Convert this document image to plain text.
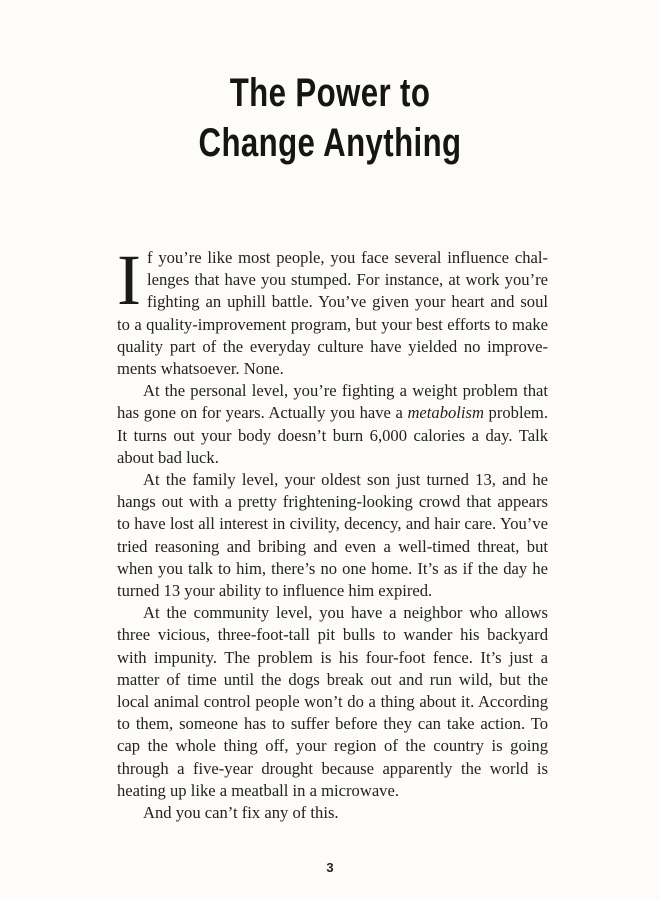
The Power to
Change Anything

If you’re like most people, you face several influence challenges that have you stumped. For instance, at work you’re fighting an uphill battle. You’ve given your heart and soul to a quality-improvement program, but your best efforts to make quality part of the everyday culture have yielded no improvements whatsoever. None.

At the personal level, you’re fighting a weight problem that has gone on for years. Actually you have a metabolism problem. It turns out your body doesn’t burn 6,000 calories a day. Talk about bad luck.

At the family level, your oldest son just turned 13, and he hangs out with a pretty frightening-looking crowd that appears to have lost all interest in civility, decency, and hair care. You’ve tried reasoning and bribing and even a well-timed threat, but when you talk to him, there’s no one home. It’s as if the day he turned 13 your ability to influence him expired.

At the community level, you have a neighbor who allows three vicious, three-foot-tall pit bulls to wander his backyard with impunity. The problem is his four-foot fence. It’s just a matter of time until the dogs break out and run wild, but the local animal control people won’t do a thing about it. According to them, someone has to suffer before they can take action. To cap the whole thing off, your region of the country is going through a five-year drought because apparently the world is heating up like a meatball in a microwave.

And you can’t fix any of this.

3
